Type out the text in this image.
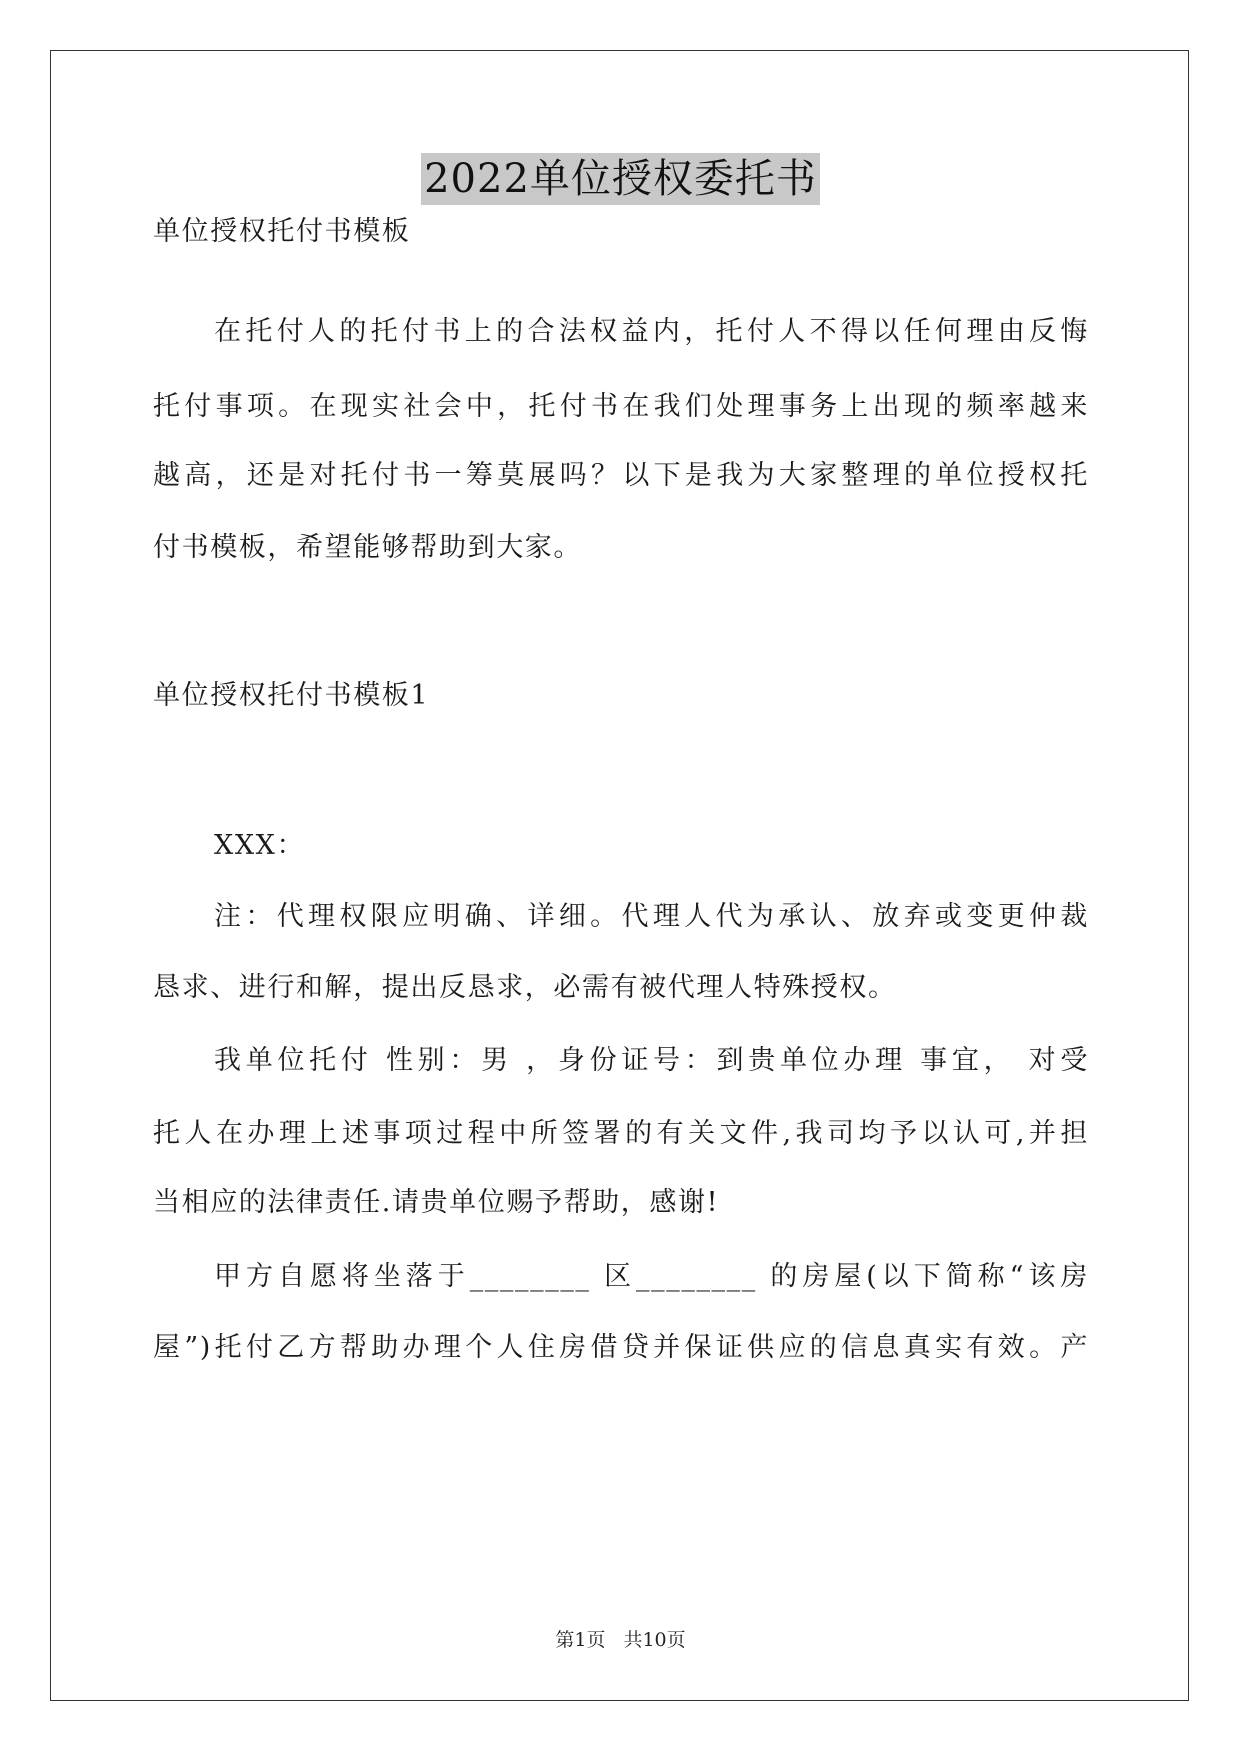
2022单位授权委托书
单位授权托付书模板
在托付人的托付书上的合法权益内，托付人不得以任何理由反悔
托付事项。在现实社会中，托付书在我们处理事务上出现的频率越来
越高，还是对托付书一筹莫展吗？以下是我为大家整理的单位授权托
付书模板，希望能够帮助到大家。
单位授权托付书模板1
XXX：
注：代理权限应明确、详细。代理人代为承认、放弃或变更仲裁
恳求、进行和解，提出反恳求，必需有被代理人特殊授权。
我单位托付 性别：男 ，身份证号：到贵单位办理 事宜， 对受
托人在办理上述事项过程中所签署的有关文件,我司均予以认可,并担
当相应的法律责任.请贵单位赐予帮助，感谢!
甲方自愿将坐落于________ 区________ 的房屋(以下简称“该房
屋”)托付乙方帮助办理个人住房借贷并保证供应的信息真实有效。产
第1页 共10页
